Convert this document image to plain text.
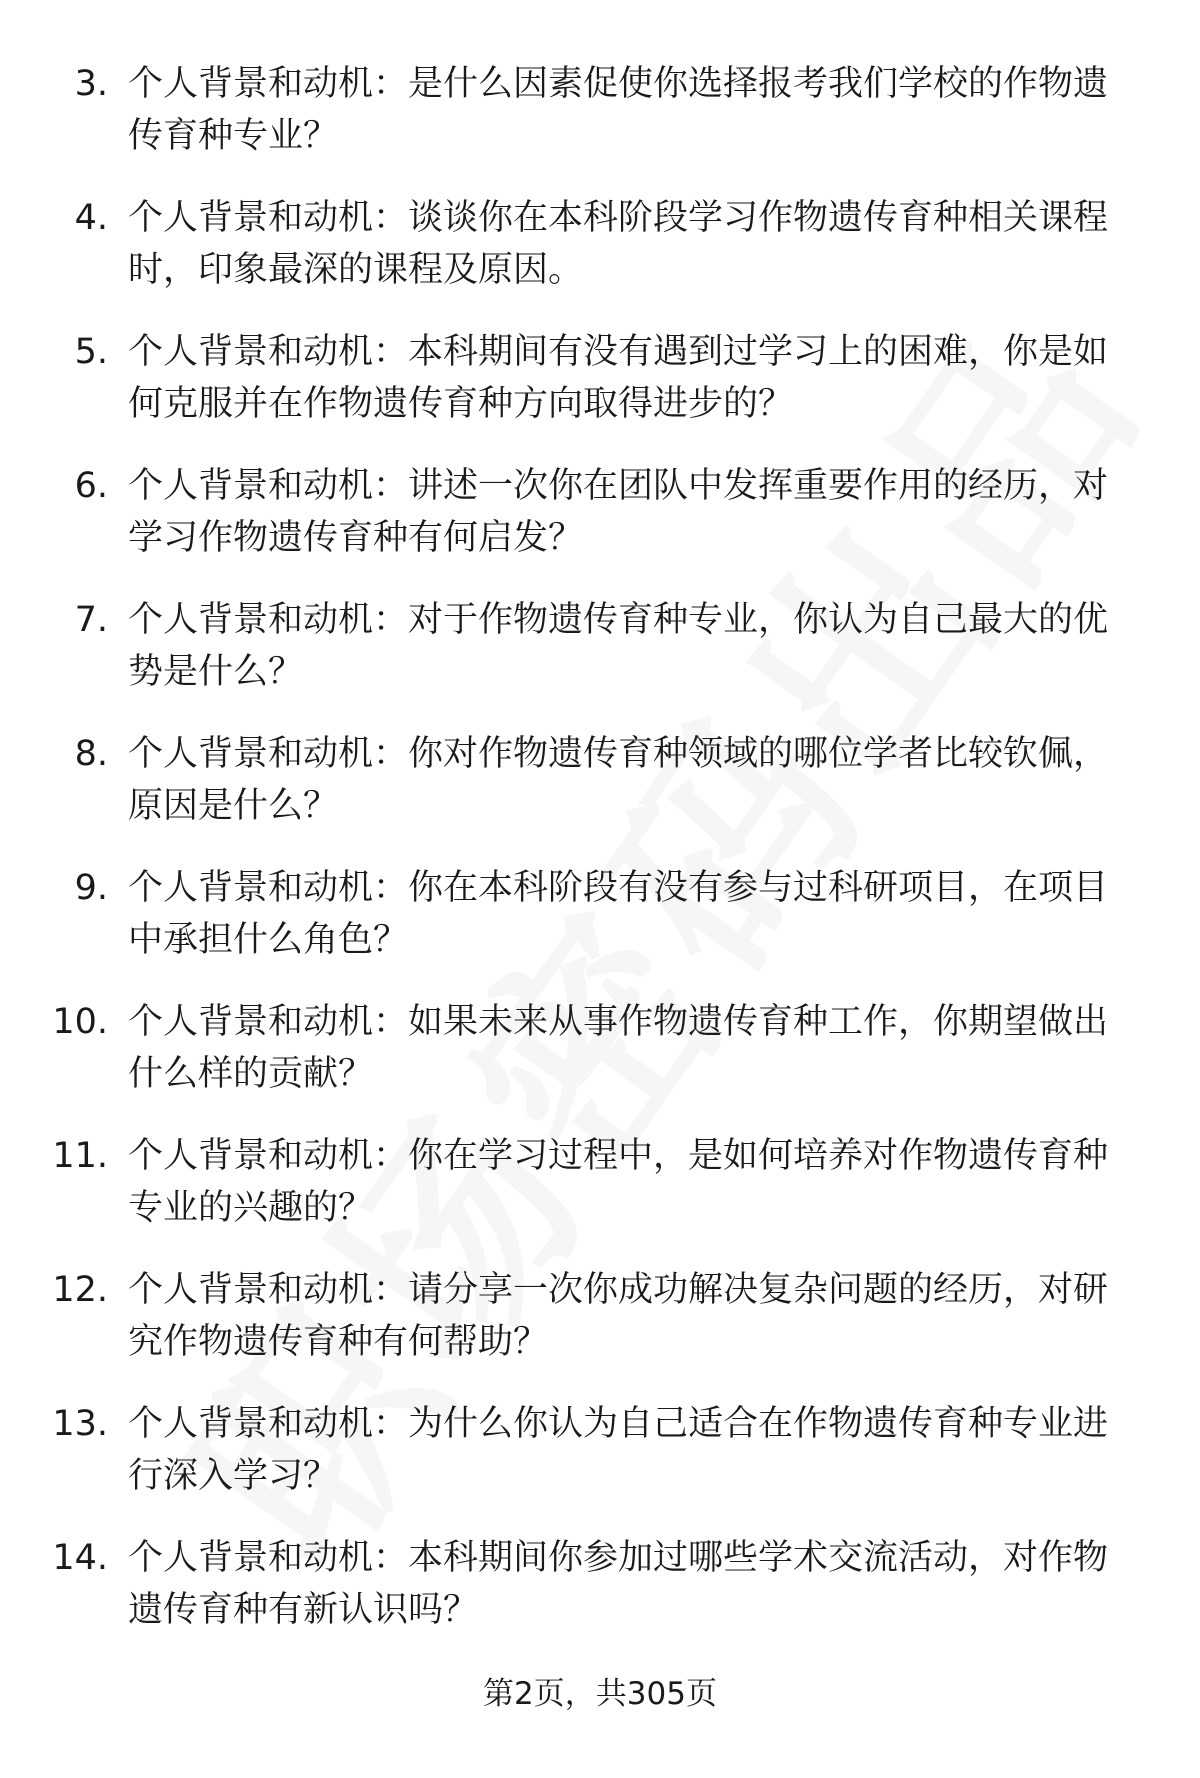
3. 个人背景和动机：是什么因素促使你选择报考我们学校的作物遗传育种专业？
4. 个人背景和动机：谈谈你在本科阶段学习作物遗传育种相关课程时，印象最深的课程及原因。
5. 个人背景和动机：本科期间有没有遇到过学习上的困难，你是如何克服并在作物遗传育种方向取得进步的？
6. 个人背景和动机：讲述一次你在团队中发挥重要作用的经历，对学习作物遗传育种有何启发？
7. 个人背景和动机：对于作物遗传育种专业，你认为自己最大的优势是什么？
8. 个人背景和动机：你对作物遗传育种领域的哪位学者比较钦佩，原因是什么？
9. 个人背景和动机：你在本科阶段有没有参与过科研项目，在项目中承担什么角色？
10. 个人背景和动机：如果未来从事作物遗传育种工作，你期望做出什么样的贡献？
11. 个人背景和动机：你在学习过程中，是如何培养对作物遗传育种专业的兴趣的？
12. 个人背景和动机：请分享一次你成功解决复杂问题的经历，对研究作物遗传育种有何帮助？
13. 个人背景和动机：为什么你认为自己适合在作物遗传育种专业进行深入学习？
14. 个人背景和动机：本科期间你参加过哪些学术交流活动，对作物遗传育种有新认识吗？
第2页，共305页
